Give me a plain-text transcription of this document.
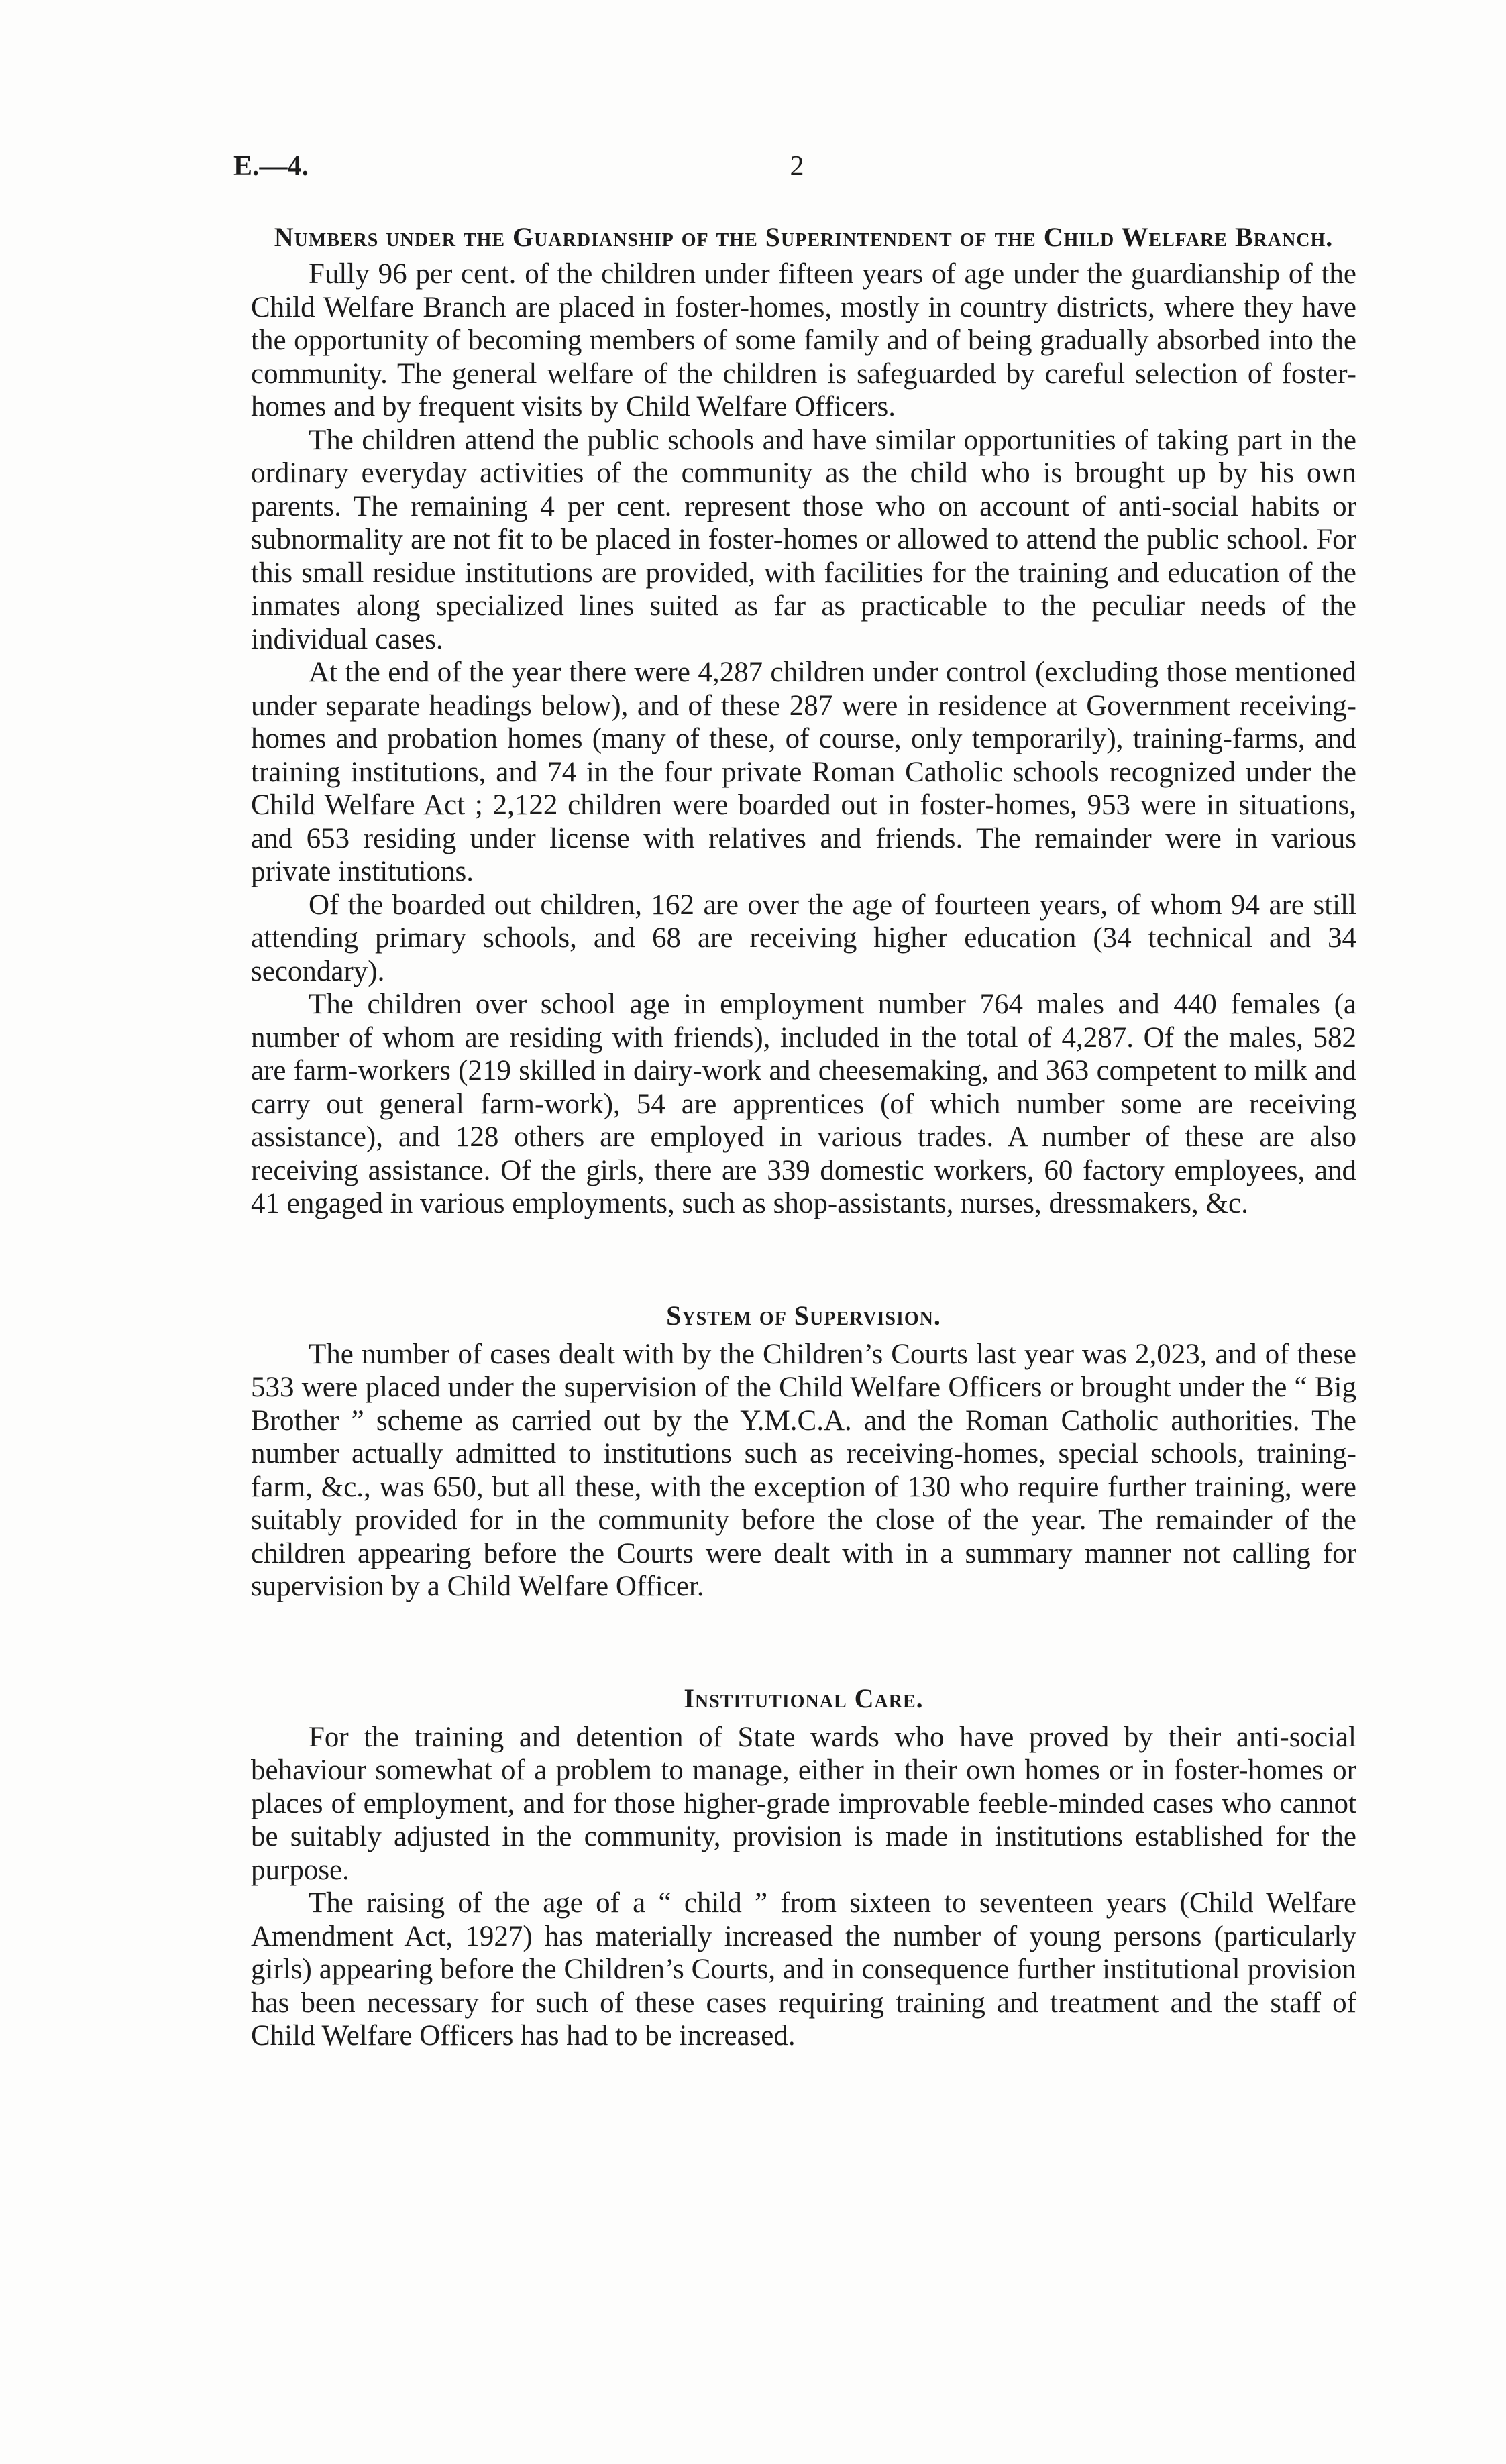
E.—4.	2
Numbers under the Guardianship of the Superintendent of the Child Welfare Branch.

Fully 96 per cent. of the children under fifteen years of age under the guardianship of the Child Welfare Branch are placed in foster-homes, mostly in country districts, where they have the opportunity of becoming members of some family and of being gradually absorbed into the community. The general welfare of the children is safeguarded by careful selection of foster-homes and by frequent visits by Child Welfare Officers.

The children attend the public schools and have similar opportunities of taking part in the ordinary everyday activities of the community as the child who is brought up by his own parents. The remaining 4 per cent. represent those who on account of anti-social habits or subnormality are not fit to be placed in foster-homes or allowed to attend the public school. For this small residue institutions are provided, with facilities for the training and education of the inmates along specialized lines suited as far as practicable to the peculiar needs of the individual cases.

At the end of the year there were 4,287 children under control (excluding those mentioned under separate headings below), and of these 287 were in residence at Government receiving-homes and probation homes (many of these, of course, only temporarily), training-farms, and training institutions, and 74 in the four private Roman Catholic schools recognized under the Child Welfare Act ; 2,122 children were boarded out in foster-homes, 953 were in situations, and 653 residing under license with relatives and friends. The remainder were in various private institutions.

Of the boarded out children, 162 are over the age of fourteen years, of whom 94 are still attending primary schools, and 68 are receiving higher education (34 technical and 34 secondary).

The children over school age in employment number 764 males and 440 females (a number of whom are residing with friends), included in the total of 4,287. Of the males, 582 are farm-workers (219 skilled in dairy-work and cheesemaking, and 363 competent to milk and carry out general farm-work), 54 are apprentices (of which number some are receiving assistance), and 128 others are employed in various trades. A number of these are also receiving assistance. Of the girls, there are 339 domestic workers, 60 factory employees, and 41 engaged in various employments, such as shop-assistants, nurses, dressmakers, &c.

System of Supervision.

The number of cases dealt with by the Children’s Courts last year was 2,023, and of these 533 were placed under the supervision of the Child Welfare Officers or brought under the “ Big Brother ” scheme as carried out by the Y.M.C.A. and the Roman Catholic authorities. The number actually admitted to institutions such as receiving-homes, special schools, training-farm, &c., was 650, but all these, with the exception of 130 who require further training, were suitably provided for in the community before the close of the year. The remainder of the children appearing before the Courts were dealt with in a summary manner not calling for supervision by a Child Welfare Officer.

Institutional Care.

For the training and detention of State wards who have proved by their anti-social behaviour somewhat of a problem to manage, either in their own homes or in foster-homes or places of employment, and for those higher-grade improvable feeble-minded cases who cannot be suitably adjusted in the community, provision is made in institutions established for the purpose.

The raising of the age of a “ child ” from sixteen to seventeen years (Child Welfare Amendment Act, 1927) has materially increased the number of young persons (particularly girls) appearing before the Children’s Courts, and in consequence further institutional provision has been necessary for such of these cases requiring training and treatment and the staff of Child Welfare Officers has had to be increased.
